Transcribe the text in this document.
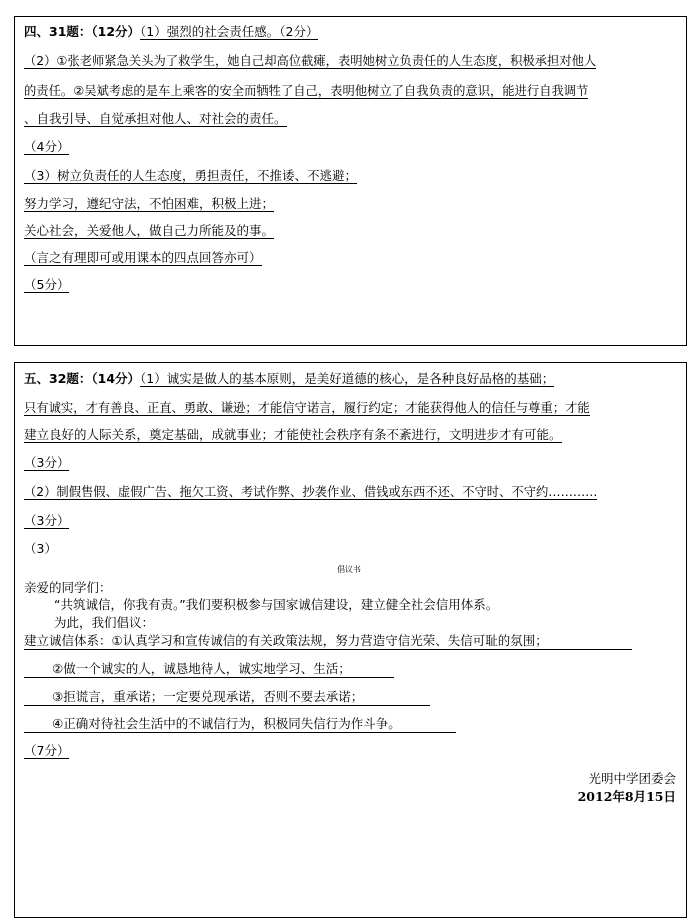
四、31题：（12分）（1）强烈的社会责任感。（2分）
（2）①张老师紧急关头为了救学生，她自己却高位截瘫，表明她树立负责任的人生态度，积极承担对他人
的责任。②吴斌考虑的是车上乘客的安全而牺牲了自己，表明他树立了自我负责的意识，能进行自我调节
、自我引导、自觉承担对他人、对社会的责任。
（4分）
（3）树立负责任的人生态度，勇担责任，不推诿、不逃避；
努力学习，遵纪守法，不怕困难，积极上进；
关心社会，关爱他人，做自己力所能及的事。
（言之有理即可或用课本的四点回答亦可）
（5分）
五、32题：（14分）（1）诚实是做人的基本原则，是美好道德的核心，是各种良好品格的基础；
只有诚实，才有善良、正直、勇敢、谦逊；才能信守诺言，履行约定；才能获得他人的信任与尊重；才能
建立良好的人际关系，奠定基础，成就事业；才能使社会秩序有条不紊进行，文明进步才有可能。
（3分）
（2）制假售假、虚假广告、拖欠工资、考试作弊、抄袭作业、借钱或东西不还、不守时、不守约…………
（3分）
（3）
倡议书
亲爱的同学们：
“共筑诚信，你我有责。”我们要积极参与国家诚信建设，建立健全社会信用体系。
为此，我们倡议：
建立诚信体系：①认真学习和宣传诚信的有关政策法规，努力营造守信光荣、失信可耻的氛围；
②做一个诚实的人，诚恳地待人，诚实地学习、生活；
③拒谎言，重承诺；一定要兑现承诺，否则不要去承诺；
④正确对待社会生活中的不诚信行为，积极同失信行为作斗争。
（7分）
光明中学团委会
2012年8月15日
